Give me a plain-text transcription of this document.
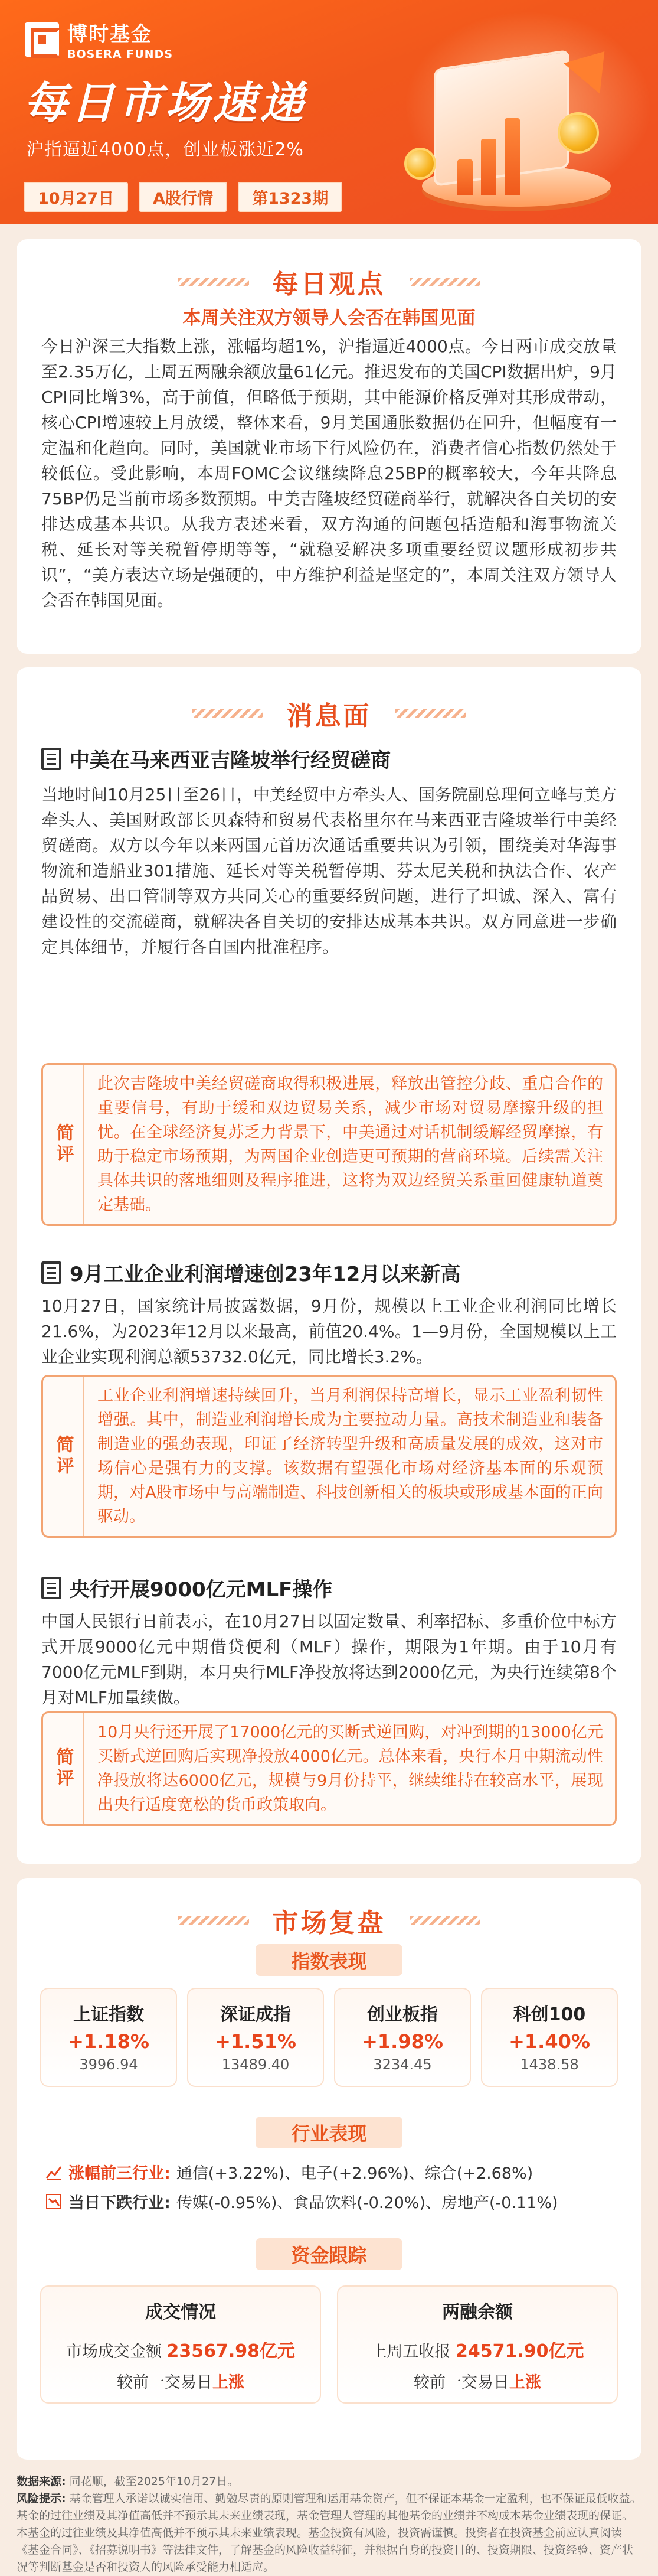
博时基金
BOSERA FUNDS
每日市场速递
沪指逼近4000点，创业板涨近2%
10月27日	A股行情	第1323期
每日观点
本周关注双方领导人会否在韩国见面
今日沪深三大指数上涨，涨幅均超1%，沪指逼近4000点。今日两市成交放量至2.35万亿，上周五两融余额放量61亿元。推迟发布的美国CPI数据出炉，9月CPI同比增3%，高于前值，但略低于预期，其中能源价格反弹对其形成带动，核心CPI增速较上月放缓，整体来看，9月美国通胀数据仍在回升，但幅度有一定温和化趋向。同时，美国就业市场下行风险仍在，消费者信心指数仍然处于较低位。受此影响，本周FOMC会议继续降息25BP的概率较大，今年共降息75BP仍是当前市场多数预期。中美吉隆坡经贸磋商举行，就解决各自关切的安排达成基本共识。从我方表述来看，双方沟通的问题包括造船和海事物流关税、延长对等关税暂停期等等，“就稳妥解决多项重要经贸议题形成初步共识”，“美方表达立场是强硬的，中方维护利益是坚定的”，本周关注双方领导人会否在韩国见面。
消息面
中美在马来西亚吉隆坡举行经贸磋商
当地时间10月25日至26日，中美经贸中方牵头人、国务院副总理何立峰与美方牵头人、美国财政部长贝森特和贸易代表格里尔在马来西亚吉隆坡举行中美经贸磋商。双方以今年以来两国元首历次通话重要共识为引领，围绕美对华海事物流和造船业301措施、延长对等关税暂停期、芬太尼关税和执法合作、农产品贸易、出口管制等双方共同关心的重要经贸问题，进行了坦诚、深入、富有建设性的交流磋商，就解决各自关切的安排达成基本共识。双方同意进一步确定具体细节，并履行各自国内批准程序。
简评
此次吉隆坡中美经贸磋商取得积极进展，释放出管控分歧、重启合作的重要信号，有助于缓和双边贸易关系，减少市场对贸易摩擦升级的担忧。在全球经济复苏乏力背景下，中美通过对话机制缓解经贸摩擦，有助于稳定市场预期，为两国企业创造更可预期的营商环境。后续需关注具体共识的落地细则及程序推进，这将为双边经贸关系重回健康轨道奠定基础。
9月工业企业利润增速创23年12月以来新高
10月27日，国家统计局披露数据，9月份，规模以上工业企业利润同比增长21.6%，为2023年12月以来最高，前值20.4%。1—9月份，全国规模以上工业企业实现利润总额53732.0亿元，同比增长3.2%。
简评
工业企业利润增速持续回升，当月利润保持高增长，显示工业盈利韧性增强。其中，制造业利润增长成为主要拉动力量。高技术制造业和装备制造业的强劲表现，印证了经济转型升级和高质量发展的成效，这对市场信心是强有力的支撑。该数据有望强化市场对经济基本面的乐观预期，对A股市场中与高端制造、科技创新相关的板块或形成基本面的正向驱动。
央行开展9000亿元MLF操作
中国人民银行日前表示，在10月27日以固定数量、利率招标、多重价位中标方式开展9000亿元中期借贷便利（MLF）操作，期限为1年期。由于10月有7000亿元MLF到期，本月央行MLF净投放将达到2000亿元，为央行连续第8个月对MLF加量续做。
简评
10月央行还开展了17000亿元的买断式逆回购，对冲到期的13000亿元买断式逆回购后实现净投放4000亿元。总体来看，央行本月中期流动性净投放将达6000亿元，规模与9月份持平，继续维持在较高水平，展现出央行适度宽松的货币政策取向。
市场复盘
指数表现
上证指数
+1.18%
3996.94
深证成指
+1.51%
13489.40
创业板指
+1.98%
3234.45
科创100
+1.40%
1438.58
行业表现
涨幅前三行业: 通信(+3.22%)、电子(+2.96%)、综合(+2.68%)
当日下跌行业: 传媒(-0.95%)、食品饮料(-0.20%)、房地产(-0.11%)
资金跟踪
成交情况
市场成交金额 23567.98亿元
较前一交易日上涨
两融余额
上周五收报 24571.90亿元
较前一交易日上涨
数据来源: 同花顺，截至2025年10月27日。
风险提示: 基金管理人承诺以诚实信用、勤勉尽责的原则管理和运用基金资产，但不保证本基金一定盈利，也不保证最低收益。基金的过往业绩及其净值高低并不预示其未来业绩表现，基金管理人管理的其他基金的业绩并不构成本基金业绩表现的保证。本基金的过往业绩及其净值高低并不预示其未来业绩表现。基金投资有风险，投资需谨慎。投资者在投资基金前应认真阅读《基金合同》、《招募说明书》等法律文件，了解基金的风险收益特征，并根据自身的投资目的、投资期限、投资经验、资产状况等判断基金是否和投资人的风险承受能力相适应。
